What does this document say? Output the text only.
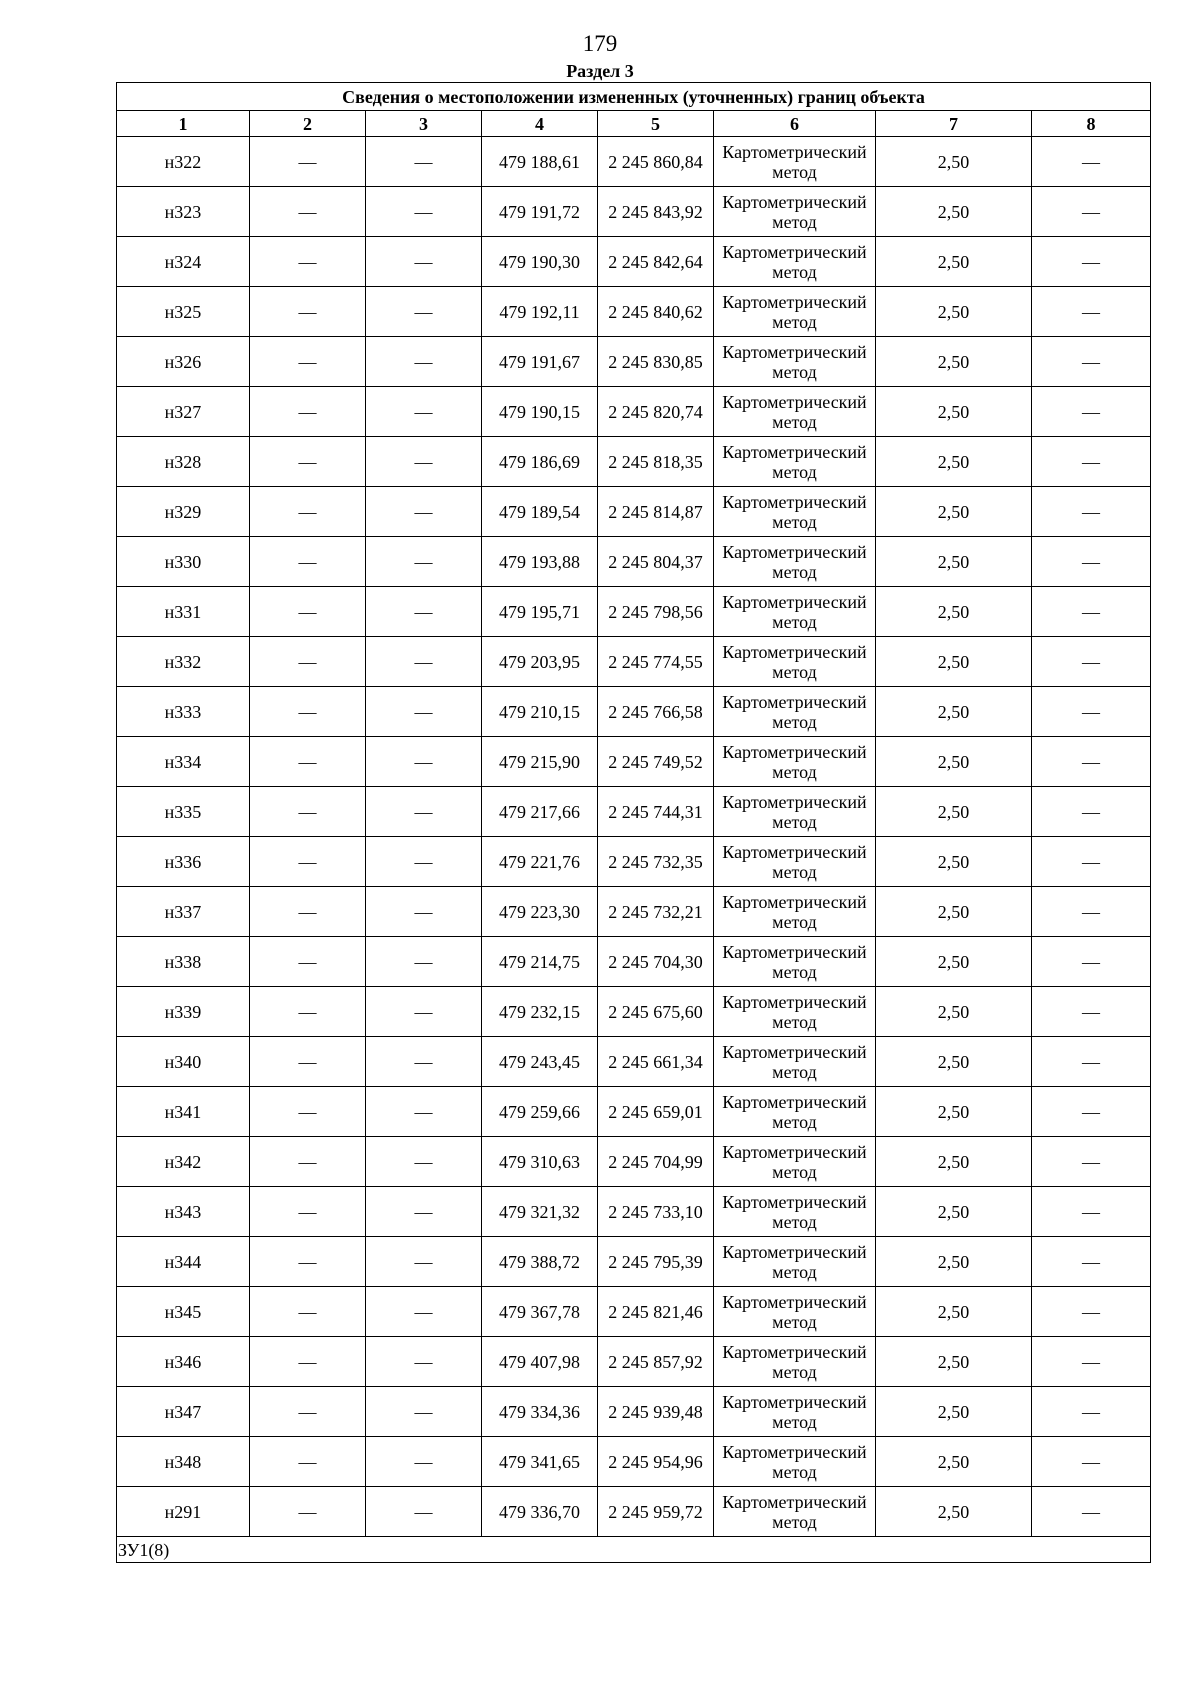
179
Раздел 3
Сведения о местоположении измененных (уточненных) границ объекта							
1	2	3	4	5	6	7	8
н322	—	—	479 188,61	2 245 860,84	Картометрический метод	2,50	—
н323	—	—	479 191,72	2 245 843,92	Картометрический метод	2,50	—
н324	—	—	479 190,30	2 245 842,64	Картометрический метод	2,50	—
н325	—	—	479 192,11	2 245 840,62	Картометрический метод	2,50	—
н326	—	—	479 191,67	2 245 830,85	Картометрический метод	2,50	—
н327	—	—	479 190,15	2 245 820,74	Картометрический метод	2,50	—
н328	—	—	479 186,69	2 245 818,35	Картометрический метод	2,50	—
н329	—	—	479 189,54	2 245 814,87	Картометрический метод	2,50	—
н330	—	—	479 193,88	2 245 804,37	Картометрический метод	2,50	—
н331	—	—	479 195,71	2 245 798,56	Картометрический метод	2,50	—
н332	—	—	479 203,95	2 245 774,55	Картометрический метод	2,50	—
н333	—	—	479 210,15	2 245 766,58	Картометрический метод	2,50	—
н334	—	—	479 215,90	2 245 749,52	Картометрический метод	2,50	—
н335	—	—	479 217,66	2 245 744,31	Картометрический метод	2,50	—
н336	—	—	479 221,76	2 245 732,35	Картометрический метод	2,50	—
н337	—	—	479 223,30	2 245 732,21	Картометрический метод	2,50	—
н338	—	—	479 214,75	2 245 704,30	Картометрический метод	2,50	—
н339	—	—	479 232,15	2 245 675,60	Картометрический метод	2,50	—
н340	—	—	479 243,45	2 245 661,34	Картометрический метод	2,50	—
н341	—	—	479 259,66	2 245 659,01	Картометрический метод	2,50	—
н342	—	—	479 310,63	2 245 704,99	Картометрический метод	2,50	—
н343	—	—	479 321,32	2 245 733,10	Картометрический метод	2,50	—
н344	—	—	479 388,72	2 245 795,39	Картометрический метод	2,50	—
н345	—	—	479 367,78	2 245 821,46	Картометрический метод	2,50	—
н346	—	—	479 407,98	2 245 857,92	Картометрический метод	2,50	—
н347	—	—	479 334,36	2 245 939,48	Картометрический метод	2,50	—
н348	—	—	479 341,65	2 245 954,96	Картометрический метод	2,50	—
н291	—	—	479 336,70	2 245 959,72	Картометрический метод	2,50	—
ЗУ1(8)							
